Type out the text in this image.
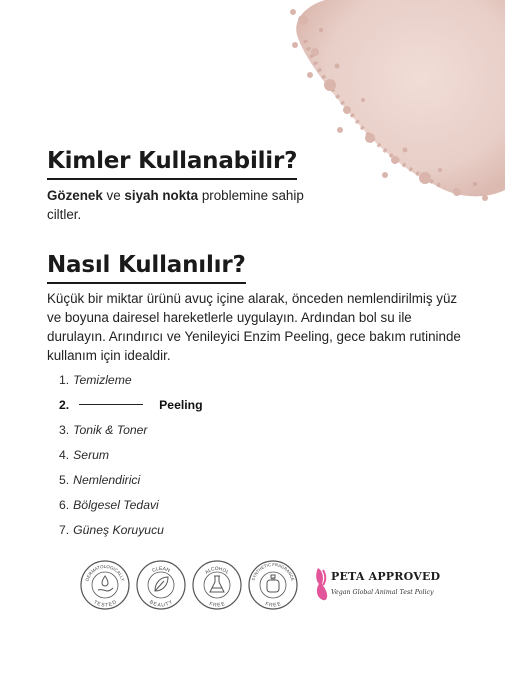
Kimler Kullanabilir?

Gözenek ve siyah nokta problemine sahip ciltler.

Nasıl Kullanılır?

Küçük bir miktar ürünü avuç içine alarak, önceden nemlendirilmiş yüz ve boyuna dairesel hareketlerle uygulayın. Ardından bol su ile durulayın. Arındırıcı ve Yenileyici Enzim Peeling, gece bakım rutininde kullanım için idealdir.

1. Temizleme
2.	Peeling
3. Tonik & Toner
4. Serum
5. Nemlendirici
6. Bölgesel Tedavi
7. Güneş Koruyucu
DERMATOLOGICALLY
TESTED
CLEAN
BEAUTY
ALCOHOL
FREE
SYNTHETIC FRAGRANCE
FREE
PETA APPROVED
Vegan Global Animal Test Policy
